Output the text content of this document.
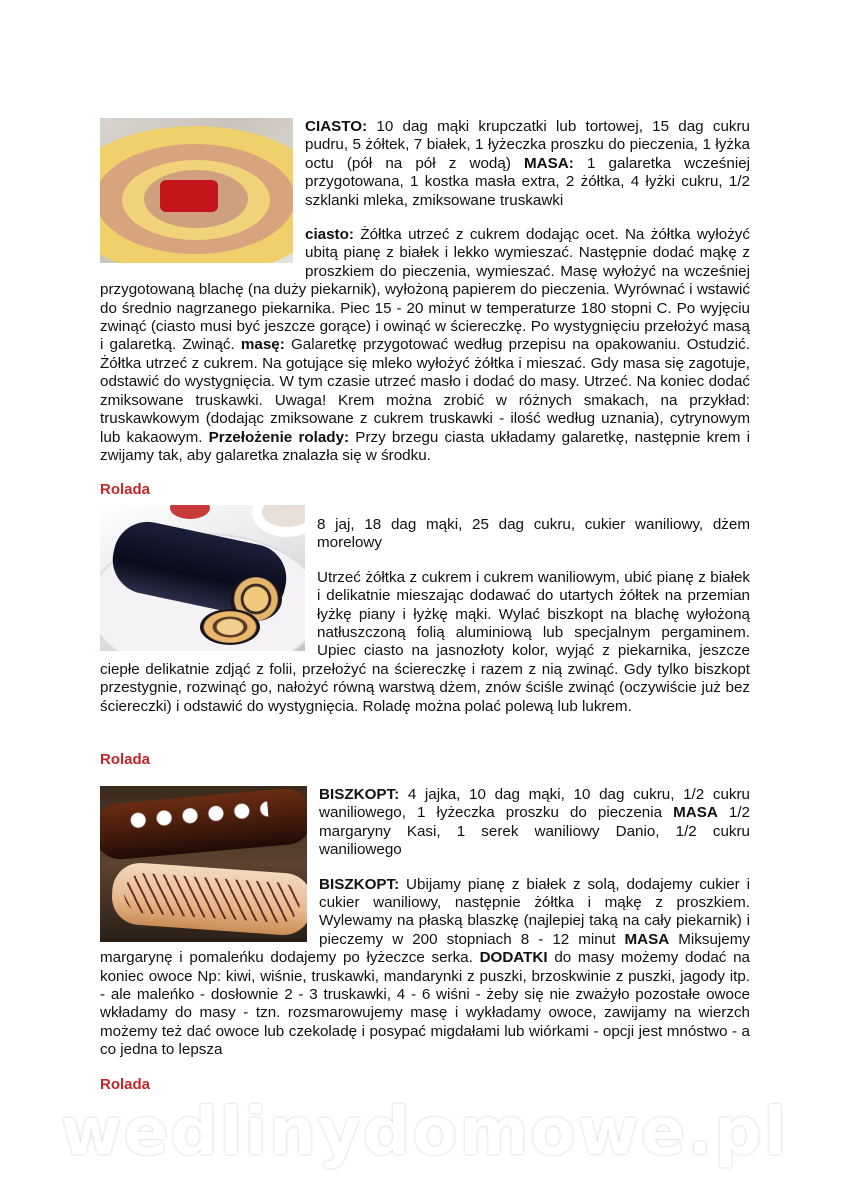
CIASTO: 10 dag mąki krupczatki lub tortowej, 15 dag cukru pudru, 5 żółtek, 7 białek, 1 łyżeczka proszku do pieczenia, 1 łyżka octu (pół na pół z wodą) MASA: 1 galaretka wcześniej przygotowana, 1 kostka masła extra, 2 żółtka, 4 łyżki cukru, 1/2 szklanki mleka, zmiksowane truskawki

ciasto: Żółtka utrzeć z cukrem dodając ocet. Na żółtka wyłożyć ubitą pianę z białek i lekko wymieszać. Następnie dodać mąkę z proszkiem do pieczenia, wymieszać. Masę wyłożyć na wcześniej przygotowaną blachę (na duży piekarnik), wyłożoną papierem do pieczenia. Wyrównać i wstawić do średnio nagrzanego piekarnika. Piec 15 - 20 minut w temperaturze 180 stopni C. Po wyjęciu zwinąć (ciasto musi być jeszcze gorące) i owinąć w ściereczkę. Po wystygnięciu przełożyć masą i galaretką. Zwinąć. masę: Galaretkę przygotować według przepisu na opakowaniu. Ostudzić. Żółtka utrzeć z cukrem. Na gotujące się mleko wyłożyć żółtka i mieszać. Gdy masa się zagotuje, odstawić do wystygnięcia. W tym czasie utrzeć masło i dodać do masy. Utrzeć. Na koniec dodać zmiksowane truskawki. Uwaga! Krem można zrobić w różnych smakach, na przykład: truskawkowym (dodając zmiksowane z cukrem truskawki - ilość według uznania), cytrynowym lub kakaowym. Przełożenie rolady: Przy brzegu ciasta układamy galaretkę, następnie krem i zwijamy tak, aby galaretka znalazła się w środku.

Rolada

8 jaj, 18 dag mąki, 25 dag cukru, cukier waniliowy, dżem morelowy

Utrzeć żółtka z cukrem i cukrem waniliowym, ubić pianę z białek i delikatnie mieszając dodawać do utartych żółtek na przemian łyżkę piany i łyżkę mąki. Wylać biszkopt na blachę wyłożoną natłuszczoną folią aluminiową lub specjalnym pergaminem. Upiec ciasto na jasnozłoty kolor, wyjąć z piekarnika, jeszcze ciepłe delikatnie zdjąć z folii, przełożyć na ściereczkę i razem z nią zwinąć. Gdy tylko biszkopt przestygnie, rozwinąć go, nałożyć równą warstwą dżem, znów ściśle zwinąć (oczywiście już bez ściereczki) i odstawić do wystygnięcia. Roladę można polać polewą lub lukrem.

Rolada

BISZKOPT: 4 jajka, 10 dag mąki, 10 dag cukru, 1/2 cukru waniliowego, 1 łyżeczka proszku do pieczenia MASA 1/2 margaryny Kasi, 1 serek waniliowy Danio, 1/2 cukru waniliowego

BISZKOPT: Ubijamy pianę z białek z solą, dodajemy cukier i cukier waniliowy, następnie żółtka i mąkę z proszkiem. Wylewamy na płaską blaszkę (najlepiej taką na cały piekarnik) i pieczemy w 200 stopniach 8 - 12 minut MASA Miksujemy margarynę i pomaleńku dodajemy po łyżeczce serka. DODATKI do masy możemy dodać na koniec owoce Np: kiwi, wiśnie, truskawki, mandarynki z puszki, brzoskwinie z puszki, jagody itp. - ale maleńko - dosłownie 2 - 3 truskawki, 4 - 6 wiśni - żeby się nie zważyło pozostałe owoce wkładamy do masy - tzn. rozsmarowujemy masę i wykładamy owoce, zawijamy na wierzch możemy też dać owoce lub czekoladę i posypać migdałami lub wiórkami - opcji jest mnóstwo - a co jedna to lepsza

Rolada

wedlinydomowe.pl
